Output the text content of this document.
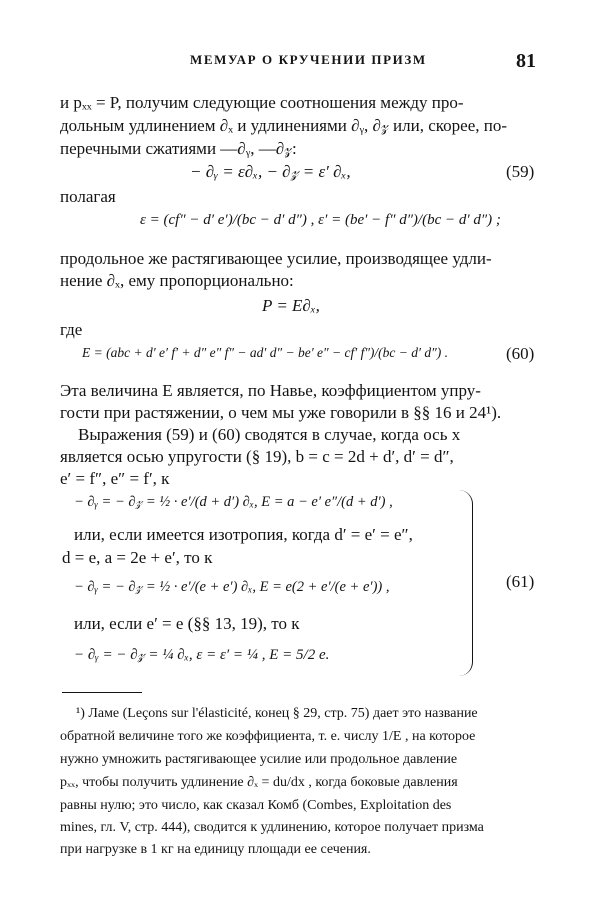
МЕМУАР О КРУЧЕНИИ ПРИЗМ	81
и pₓₓ = P, получим следующие соотношения между про-
дольным удлинением ∂ₓ и удлинениями ∂ᵧ, ∂𝓏 или, скорее, по-
перечными сжатиями —∂ᵧ, —∂𝓏:
− ∂ᵧ = ε∂ₓ, − ∂𝓏 = ε′ ∂ₓ,	(59)
полагая
ε = (cf″ − d′ e′)/(bc − d′ d″) , ε′ = (be′ − f″ d″)/(bc − d′ d″) ;
продольное же растягивающее усилие, производящее удли-
нение ∂ₓ, ему пропорционально:
P = E∂ₓ,
где
E = (abc + d′ e′ f′ + d″ e″ f″ − ad′ d″ − be′ e″ − cf′ f″)/(bc − d′ d″) .	(60)
Эта величина E является, по Навье, коэффициентом упру-
гости при растяжении, о чем мы уже говорили в §§ 16 и 24¹).
Выражения (59) и (60) сводятся в случае, когда ось x
является осью упругости (§ 19), b = c = 2d + d′, d′ = d″,
e′ = f″, e″ = f′, к
− ∂ᵧ = − ∂𝓏 = ½ · e′/(d + d′) ∂ₓ, E = a − e′ e″/(d + d′) ,
или, если имеется изотропия, когда d′ = e′ = e″,
d = e, a = 2e + e′, то к
− ∂ᵧ = − ∂𝓏 = ½ · e′/(e + e′) ∂ₓ, E = e(2 + e′/(e + e′)) ,
или, если e′ = e (§§ 13, 19), то к
− ∂ᵧ = − ∂𝓏 = ¼ ∂ₓ, ε = ε′ = ¼ , E = 5/2 e.
(61)
¹) Ламе (Leçons sur l'élasticité, конец § 29, стр. 75) дает это название
обратной величине того же коэффициента, т. е. числу 1/E , на которое
нужно умножить растягивающее усилие или продольное давление
pₓₓ, чтобы получить удлинение ∂ₓ = du/dx , когда боковые давления
равны нулю; это число, как сказал Комб (Combes, Exploitation des
mines, гл. V, стр. 444), сводится к удлинению, которое получает призма
при нагрузке в 1 кг на единицу площади ее сечения.
